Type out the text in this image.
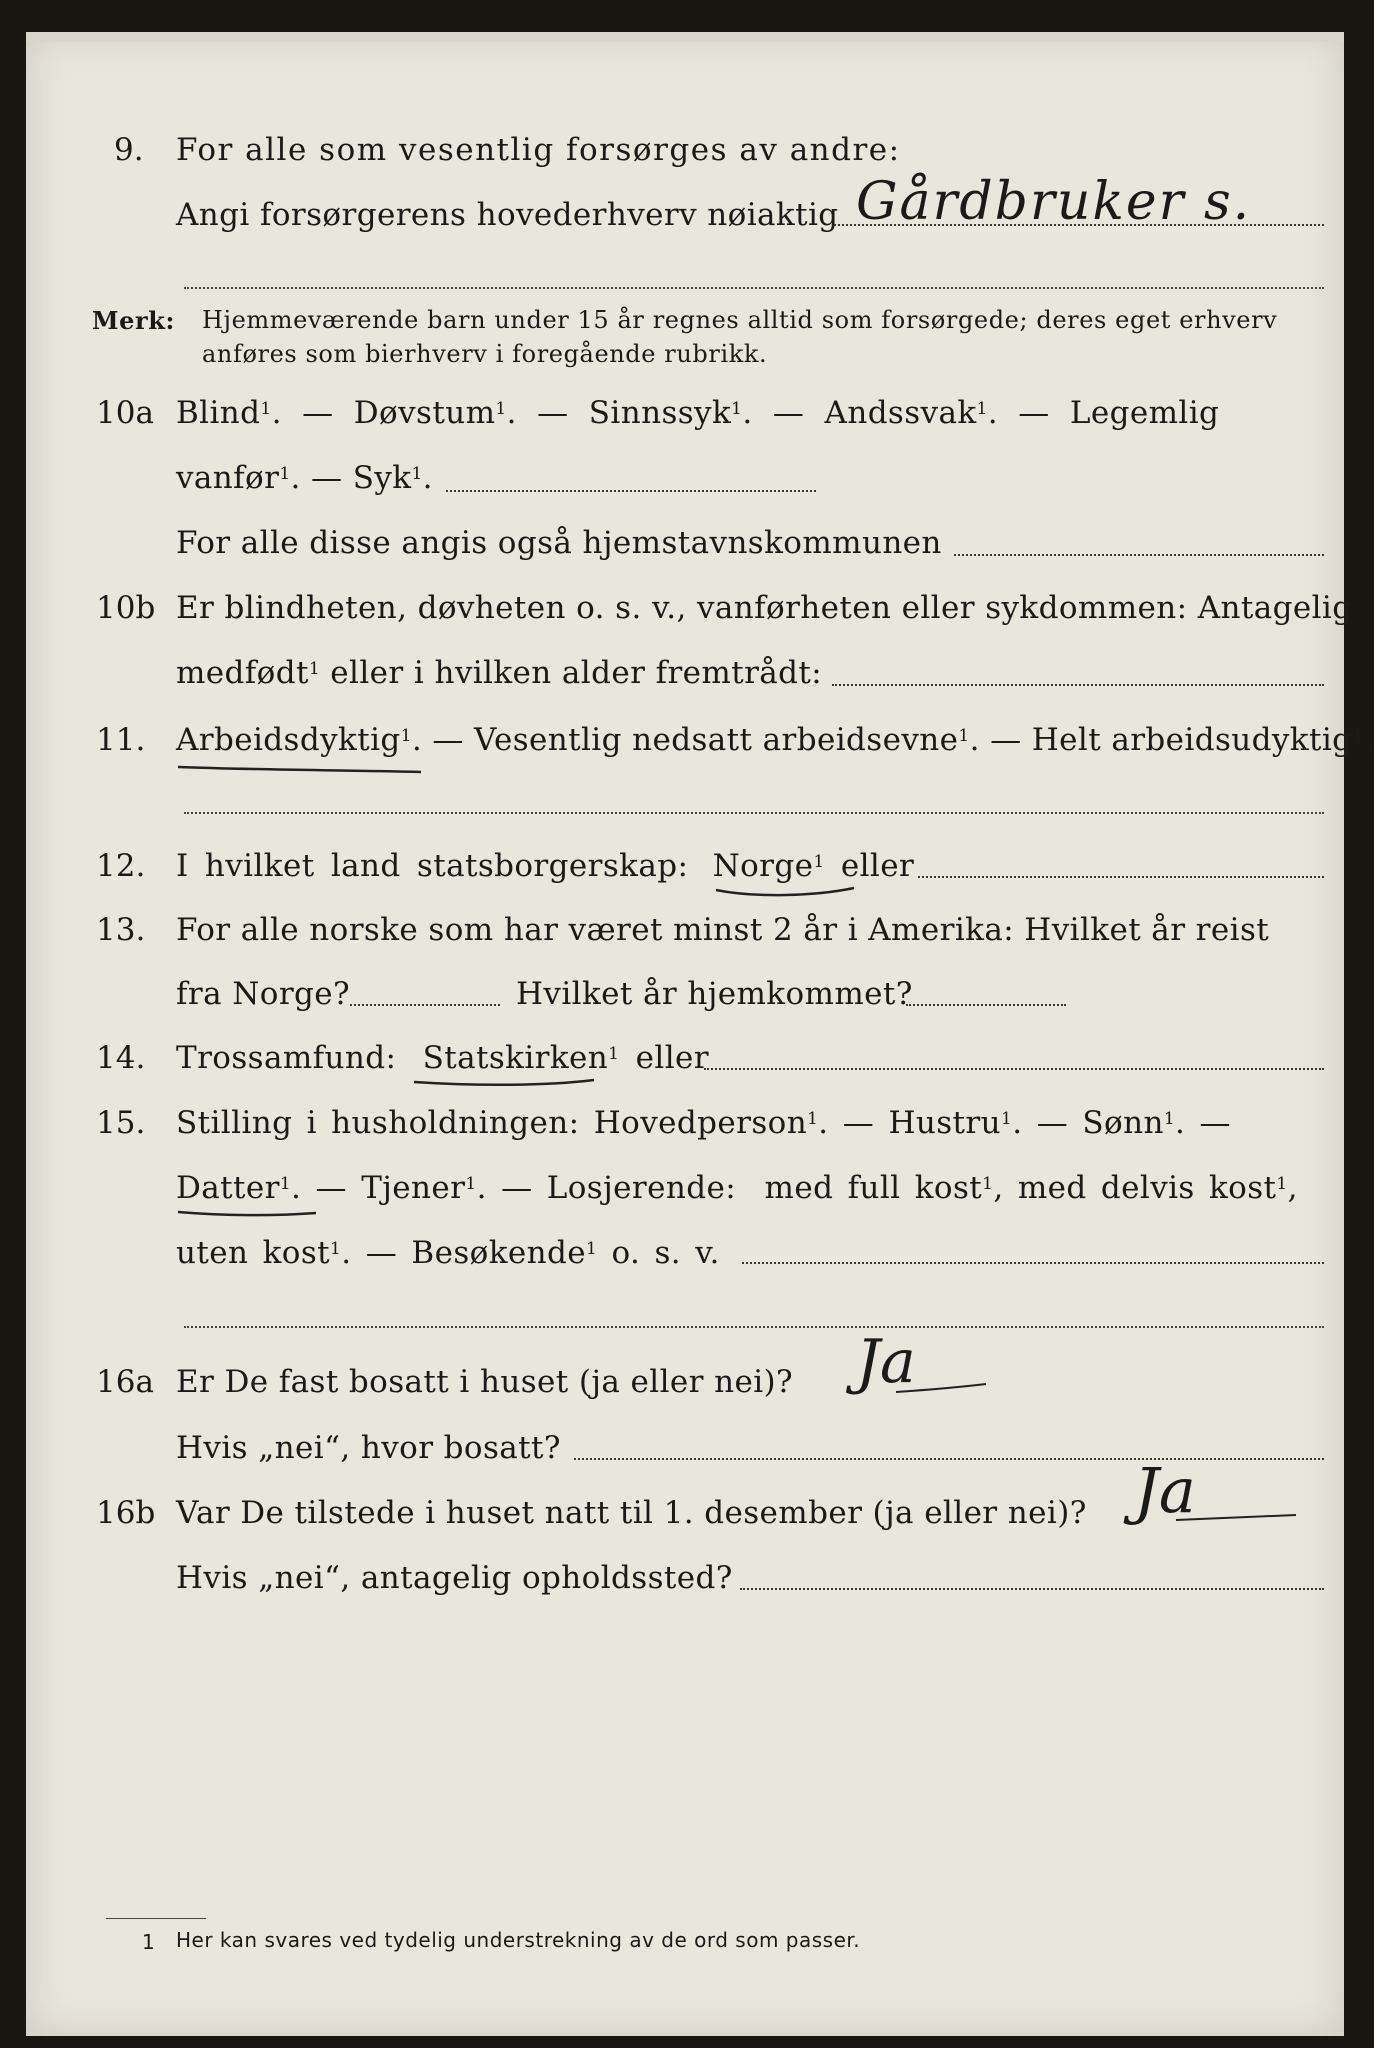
9. For alle som vesentlig forsørges av andre:
Angi forsørgerens hovederhverv nøiaktig Gårdbruker s.
Merk: Hjemmeværende barn under 15 år regnes alltid som forsørgede; deres eget erhverv
anføres som bierhverv i foregående rubrikk.
10a Blind$^1$. — Døvstum$^1$. — Sinnssyk$^1$. — Andssvak$^1$. — Legemlig
vanfør$^1$. — Syk$^1$.
For alle disse angis også hjemstavnskommunen
10b Er blindheten, døvheten o. s. v., vanførheten eller sykdommen: Antagelig
medfødt$^1$ eller i hvilken alder fremtrådt:
11. Arbeidsdyktig$^1$. — Vesentlig nedsatt arbeidsevne$^1$. — Helt arbeidsudyktig$^1$.
12. I hvilket land statsborgerskap: Norge$^1$ eller
13. For alle norske som har været minst 2 år i Amerika: Hvilket år reist
fra Norge?	Hvilket år hjemkommet?
14. Trossamfund: Statskirken$^1$ eller
15. Stilling i husholdningen: Hovedperson$^1$. — Hustru$^1$. — Sønn$^1$. —
Datter$^1$. — Tjener$^1$. — Losjerende:  med full kost$^1$, med delvis kost$^1$,
uten kost$^1$. — Besøkende$^1$ o. s. v.
16a Er De fast bosatt i huset (ja eller nei)? Ja
Hvis „nei“, hvor bosatt?
16b Var De tilstede i huset natt til 1. desember (ja eller nei)? Ja
Hvis „nei“, antagelig opholdssted?
1 Her kan svares ved tydelig understrekning av de ord som passer.
